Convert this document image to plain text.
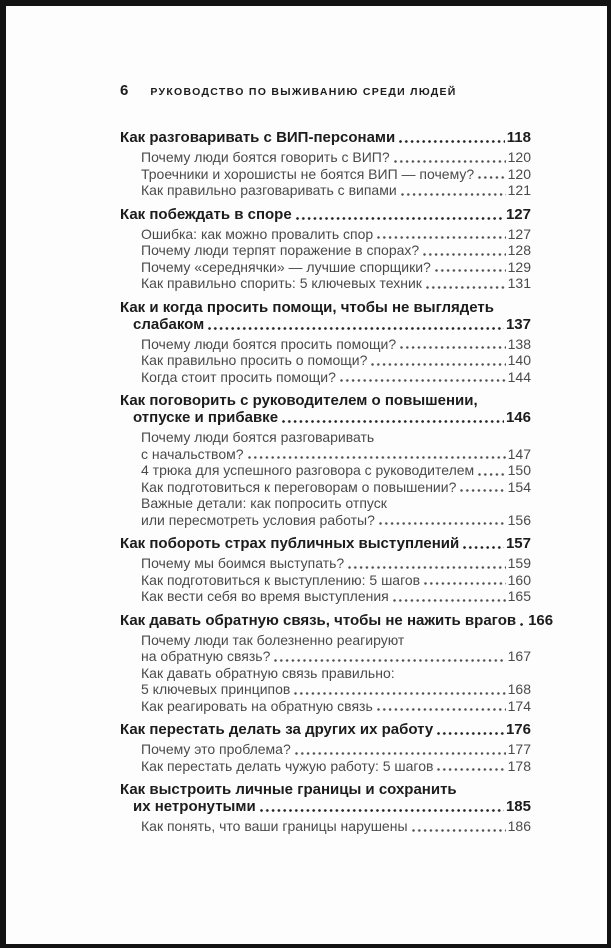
6 РУКОВОДСТВО ПО ВЫЖИВАНИЮ СРЕДИ ЛЮДЕЙ
Как разговаривать с ВИП-персонами	118
Почему люди боятся говорить с ВИП?	120
Троечники и хорошисты не боятся ВИП — почему? 120
Как правильно разговаривать с випами	121
Как побеждать в споре	127
Ошибка: как можно провалить спор	127
Почему люди терпят поражение в спорах?	128
Почему «середнячки» — лучшие спорщики?	129
Как правильно спорить: 5 ключевых техник	131
Как и когда просить помощи, чтобы не выглядеть
слабаком	137
Почему люди боятся просить помощи?	138
Как правильно просить о помощи?	140
Когда стоит просить помощи?	144
Как поговорить с руководителем о повышении,
отпуске и прибавке	146
Почему люди боятся разговаривать
с начальством?	147
4 трюка для успешного разговора с руководителем 150
Как подготовиться к переговорам о повышении?	154
Важные детали: как попросить отпуск
или пересмотреть условия работы?	156
Как побороть страх публичных выступлений	157
Почему мы боимся выступать?	159
Как подготовиться к выступлению: 5 шагов	160
Как вести себя во время выступления	165
Как давать обратную связь, чтобы не нажить врагов 166
Почему люди так болезненно реагируют
на обратную связь?	167
Как давать обратную связь правильно:
5 ключевых принципов	168
Как реагировать на обратную связь	174
Как перестать делать за других их работу	176
Почему это проблема?	177
Как перестать делать чужую работу: 5 шагов	178
Как выстроить личные границы и сохранить
их нетронутыми	185
Как понять, что ваши границы нарушены	186
